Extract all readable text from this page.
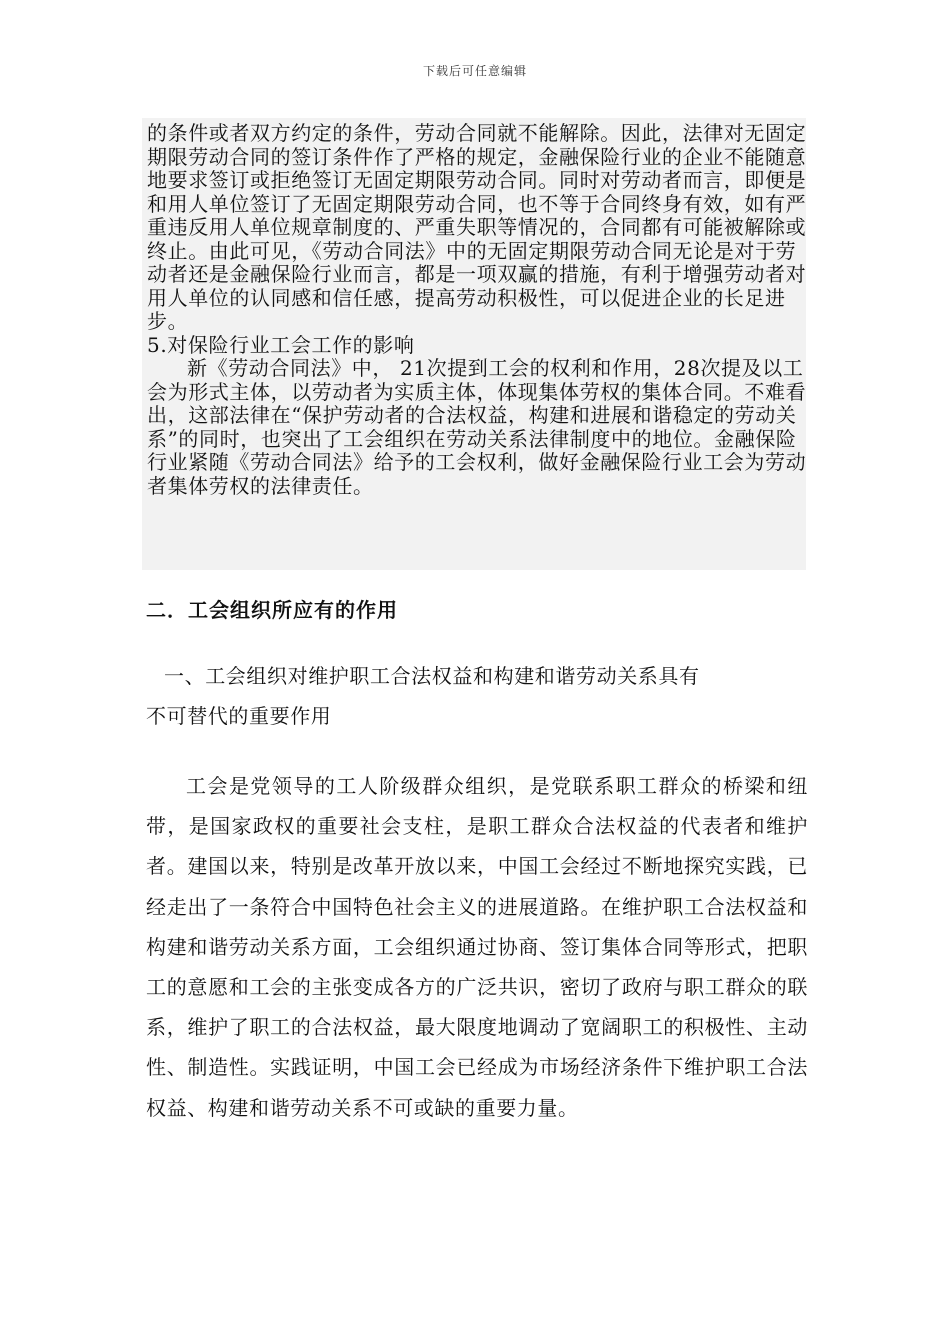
下载后可任意编辑

的条件或者双方约定的条件，劳动合同就不能解除。因此，法律对无固定期限劳动合同的签订条件作了严格的规定，金融保险行业的企业不能随意地要求签订或拒绝签订无固定期限劳动合同。同时对劳动者而言，即便是和用人单位签订了无固定期限劳动合同，也不等于合同终身有效，如有严重违反用人单位规章制度的、严重失职等情况的，合同都有可能被解除或终止。由此可见，《劳动合同法》中的无固定期限劳动合同无论是对于劳动者还是金融保险行业而言，都是一项双赢的措施，有利于增强劳动者对用人单位的认同感和信任感，提高劳动积极性，可以促进企业的长足进步。

5.对保险行业工会工作的影响

新《劳动合同法》中， 21次提到工会的权利和作用，28次提及以工会为形式主体，以劳动者为实质主体，体现集体劳权的集体合同。不难看出，这部法律在“保护劳动者的合法权益，构建和进展和谐稳定的劳动关系”的同时，也突出了工会组织在劳动关系法律制度中的地位。金融保险行业紧随《劳动合同法》给予的工会权利，做好金融保险行业工会为劳动者集体劳权的法律责任。

二．工会组织所应有的作用
一、工会组织对维护职工合法权益和构建和谐劳动关系具有
不可替代的重要作用

工会是党领导的工人阶级群众组织，是党联系职工群众的桥梁和纽带，是国家政权的重要社会支柱，是职工群众合法权益的代表者和维护者。建国以来，特别是改革开放以来，中国工会经过不断地探究实践，已经走出了一条符合中国特色社会主义的进展道路。在维护职工合法权益和构建和谐劳动关系方面，工会组织通过协商、签订集体合同等形式，把职工的意愿和工会的主张变成各方的广泛共识，密切了政府与职工群众的联系，维护了职工的合法权益，最大限度地调动了宽阔职工的积极性、主动性、制造性。实践证明，中国工会已经成为市场经济条件下维护职工合法权益、构建和谐劳动关系不可或缺的重要力量。
